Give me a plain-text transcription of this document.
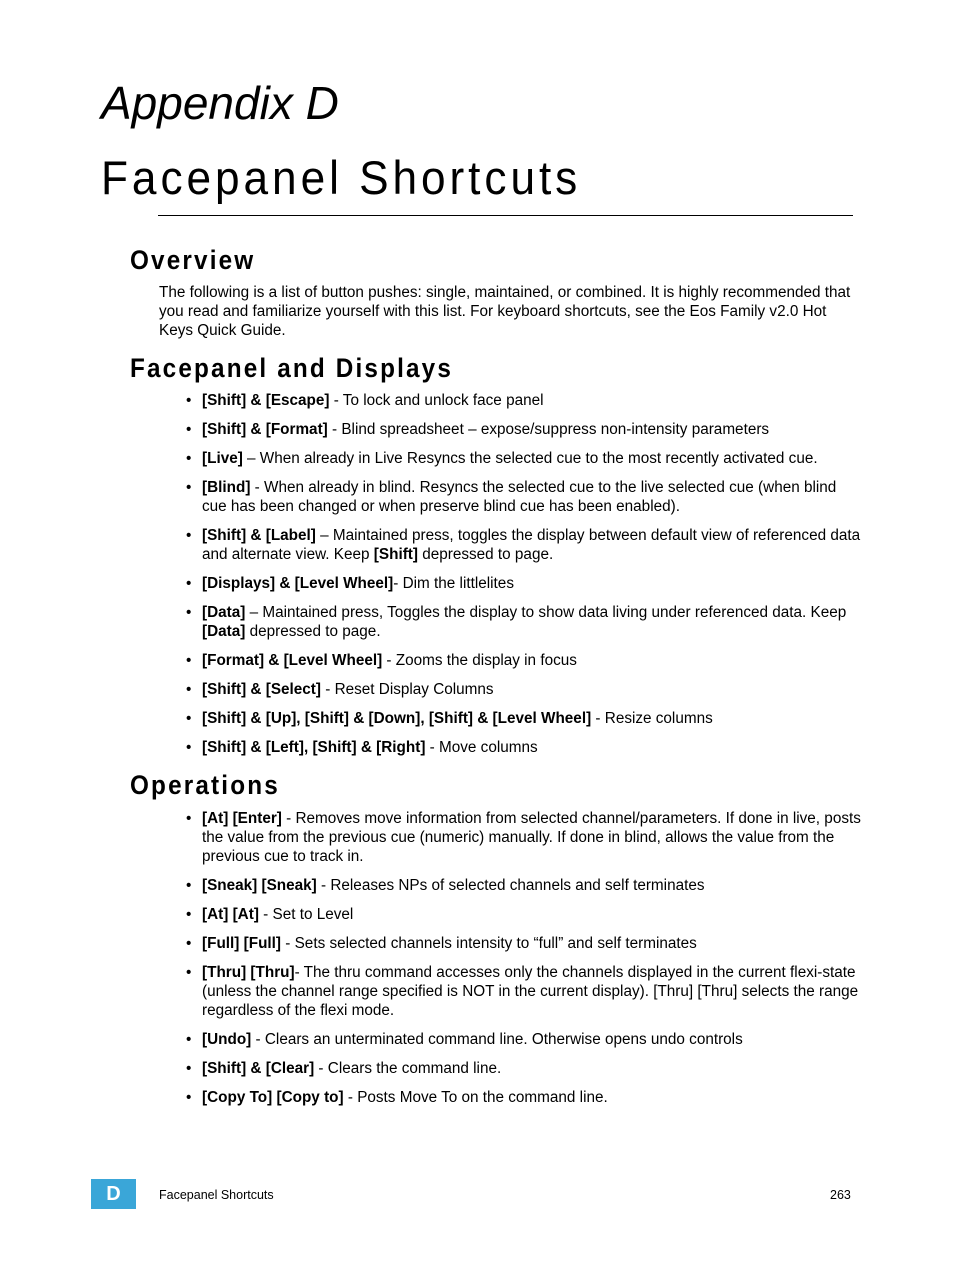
Appendix D
Facepanel Shortcuts
Overview
The following is a list of button pushes: single, maintained, or combined. It is highly recommended that you read and familiarize yourself with this list. For keyboard shortcuts, see the Eos Family v2.0 Hot Keys Quick Guide.
Facepanel and Displays
• [Shift] & [Escape] - To lock and unlock face panel
• [Shift] & [Format] - Blind spreadsheet – expose/suppress non-intensity parameters
• [Live] – When already in Live Resyncs the selected cue to the most recently activated cue.
• [Blind] - When already in blind. Resyncs the selected cue to the live selected cue (when blind cue has been changed or when preserve blind cue has been enabled).
• [Shift] & [Label] – Maintained press, toggles the display between default view of referenced data and alternate view. Keep [Shift] depressed to page.
• [Displays] & [Level Wheel]- Dim the littlelites
• [Data] – Maintained press, Toggles the display to show data living under referenced data. Keep [Data] depressed to page.
• [Format] & [Level Wheel] - Zooms the display in focus
• [Shift] & [Select] - Reset Display Columns
• [Shift] & [Up], [Shift] & [Down], [Shift] & [Level Wheel] - Resize columns
• [Shift] & [Left], [Shift] & [Right] - Move columns
Operations
• [At] [Enter] - Removes move information from selected channel/parameters. If done in live, posts the value from the previous cue (numeric) manually. If done in blind, allows the value from the previous cue to track in.
• [Sneak] [Sneak] - Releases NPs of selected channels and self terminates
• [At] [At] - Set to Level
• [Full] [Full] - Sets selected channels intensity to “full” and self terminates
• [Thru] [Thru]- The thru command accesses only the channels displayed in the current flexi-state (unless the channel range specified is NOT in the current display). [Thru] [Thru] selects the range regardless of the flexi mode.
• [Undo] - Clears an unterminated command line. Otherwise opens undo controls
• [Shift] & [Clear] - Clears the command line.
• [Copy To] [Copy to] - Posts Move To on the command line.
D	Facepanel Shortcuts	263
